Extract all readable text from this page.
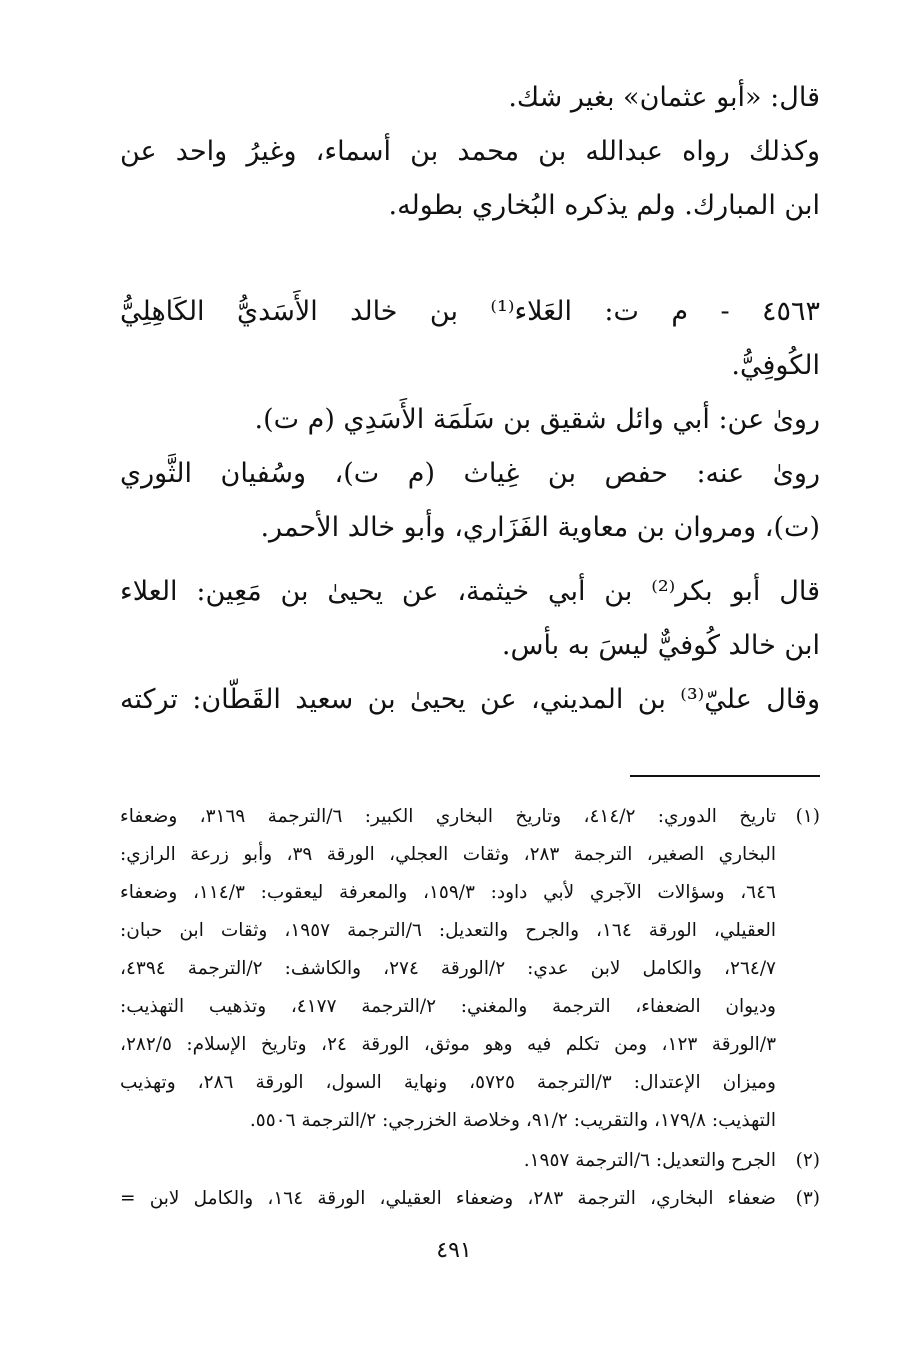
قال: «أبو عثمان» بغير شك.
وكذلك رواه عبدالله بن محمد بن أسماء، وغيرُ واحد عن
ابن المبارك. ولم يذكره البُخاري بطوله.
٤٥٦٣ - م ت: العَلاء⁽¹⁾ بن خالد الأَسَديُّ الكَاهِلِيُّ
الكُوفِيُّ.
روىٰ عن: أبي وائل شقيق بن سَلَمَة الأَسَدِي (م ت).
روىٰ عنه: حفص بن غِياث (م ت)، وسُفيان الثَّوري
(ت)، ومروان بن معاوية الفَزَاري، وأبو خالد الأحمر.
قال أبو بكر⁽²⁾ بن أبي خيثمة، عن يحيىٰ بن مَعِين: العلاء
ابن خالد كُوفيٌّ ليسَ به بأس.
وقال عليّ⁽³⁾ بن المديني، عن يحيىٰ بن سعيد القَطّان: تركته
(١)
تاريخ الدوري: ٤١٤/٢، وتاريخ البخاري الكبير: ٦/الترجمة ٣١٦٩، وضعفاء
البخاري الصغير، الترجمة ٢٨٣، وثقات العجلي، الورقة ٣٩، وأبو زرعة الرازي:
٦٤٦، وسؤالات الآجري لأبي داود: ١٥٩/٣، والمعرفة ليعقوب: ١١٤/٣، وضعفاء
العقيلي، الورقة ١٦٤، والجرح والتعديل: ٦/الترجمة ١٩٥٧، وثقات ابن حبان:
٢٦٤/٧، والكامل لابن عدي: ٢/الورقة ٢٧٤، والكاشف: ٢/الترجمة ٤٣٩٤،
وديوان الضعفاء، الترجمة والمغني: ٢/الترجمة ٤١٧٧، وتذهيب التهذيب:
٣/الورقة ١٢٣، ومن تكلم فيه وهو موثق، الورقة ٢٤، وتاريخ الإسلام: ٢٨٢/٥،
وميزان الإعتدال: ٣/الترجمة ٥٧٢٥، ونهاية السول، الورقة ٢٨٦، وتهذيب
التهذيب: ١٧٩/٨، والتقريب: ٩١/٢، وخلاصة الخزرجي: ٢/الترجمة ٥٥٠٦.
(٢)
الجرح والتعديل: ٦/الترجمة ١٩٥٧.
(٣)
ضعفاء البخاري، الترجمة ٢٨٣، وضعفاء العقيلي، الورقة ١٦٤، والكامل لابن =
٤٩١
